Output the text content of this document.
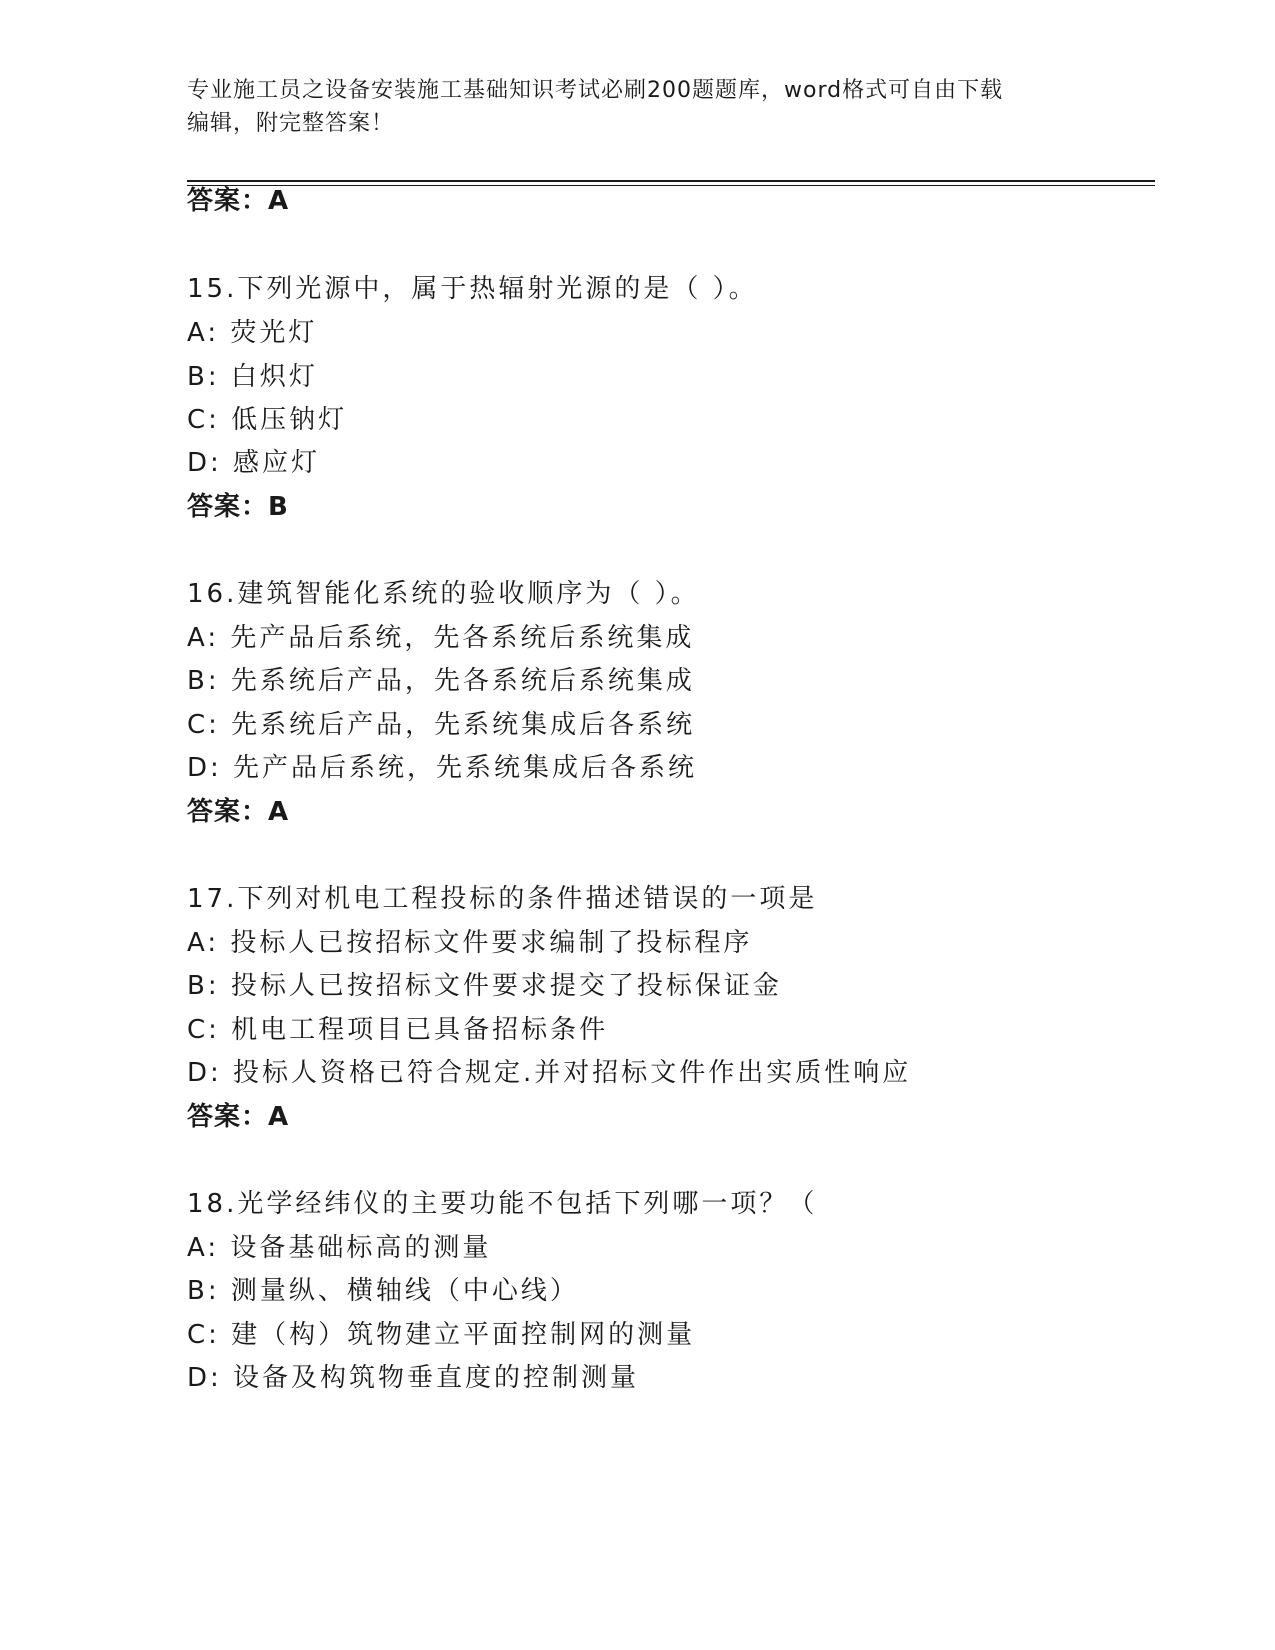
专业施工员之设备安装施工基础知识考试必刷200题题库，word格式可自由下载
编辑，附完整答案！
答案：A
15.下列光源中，属于热辐射光源的是（ ）。
A: 荧光灯
B: 白炽灯
C: 低压钠灯
D: 感应灯
答案：B
16.建筑智能化系统的验收顺序为（ ）。
A: 先产品后系统，先各系统后系统集成
B: 先系统后产品，先各系统后系统集成
C: 先系统后产品，先系统集成后各系统
D: 先产品后系统，先系统集成后各系统
答案：A
17.下列对机电工程投标的条件描述错误的一项是
A: 投标人已按招标文件要求编制了投标程序
B: 投标人已按招标文件要求提交了投标保证金
C: 机电工程项目已具备招标条件
D: 投标人资格已符合规定.并对招标文件作出实质性响应
答案：A
18.光学经纬仪的主要功能不包括下列哪一项？（
A: 设备基础标高的测量
B: 测量纵、横轴线（中心线）
C: 建（构）筑物建立平面控制网的测量
D: 设备及构筑物垂直度的控制测量
